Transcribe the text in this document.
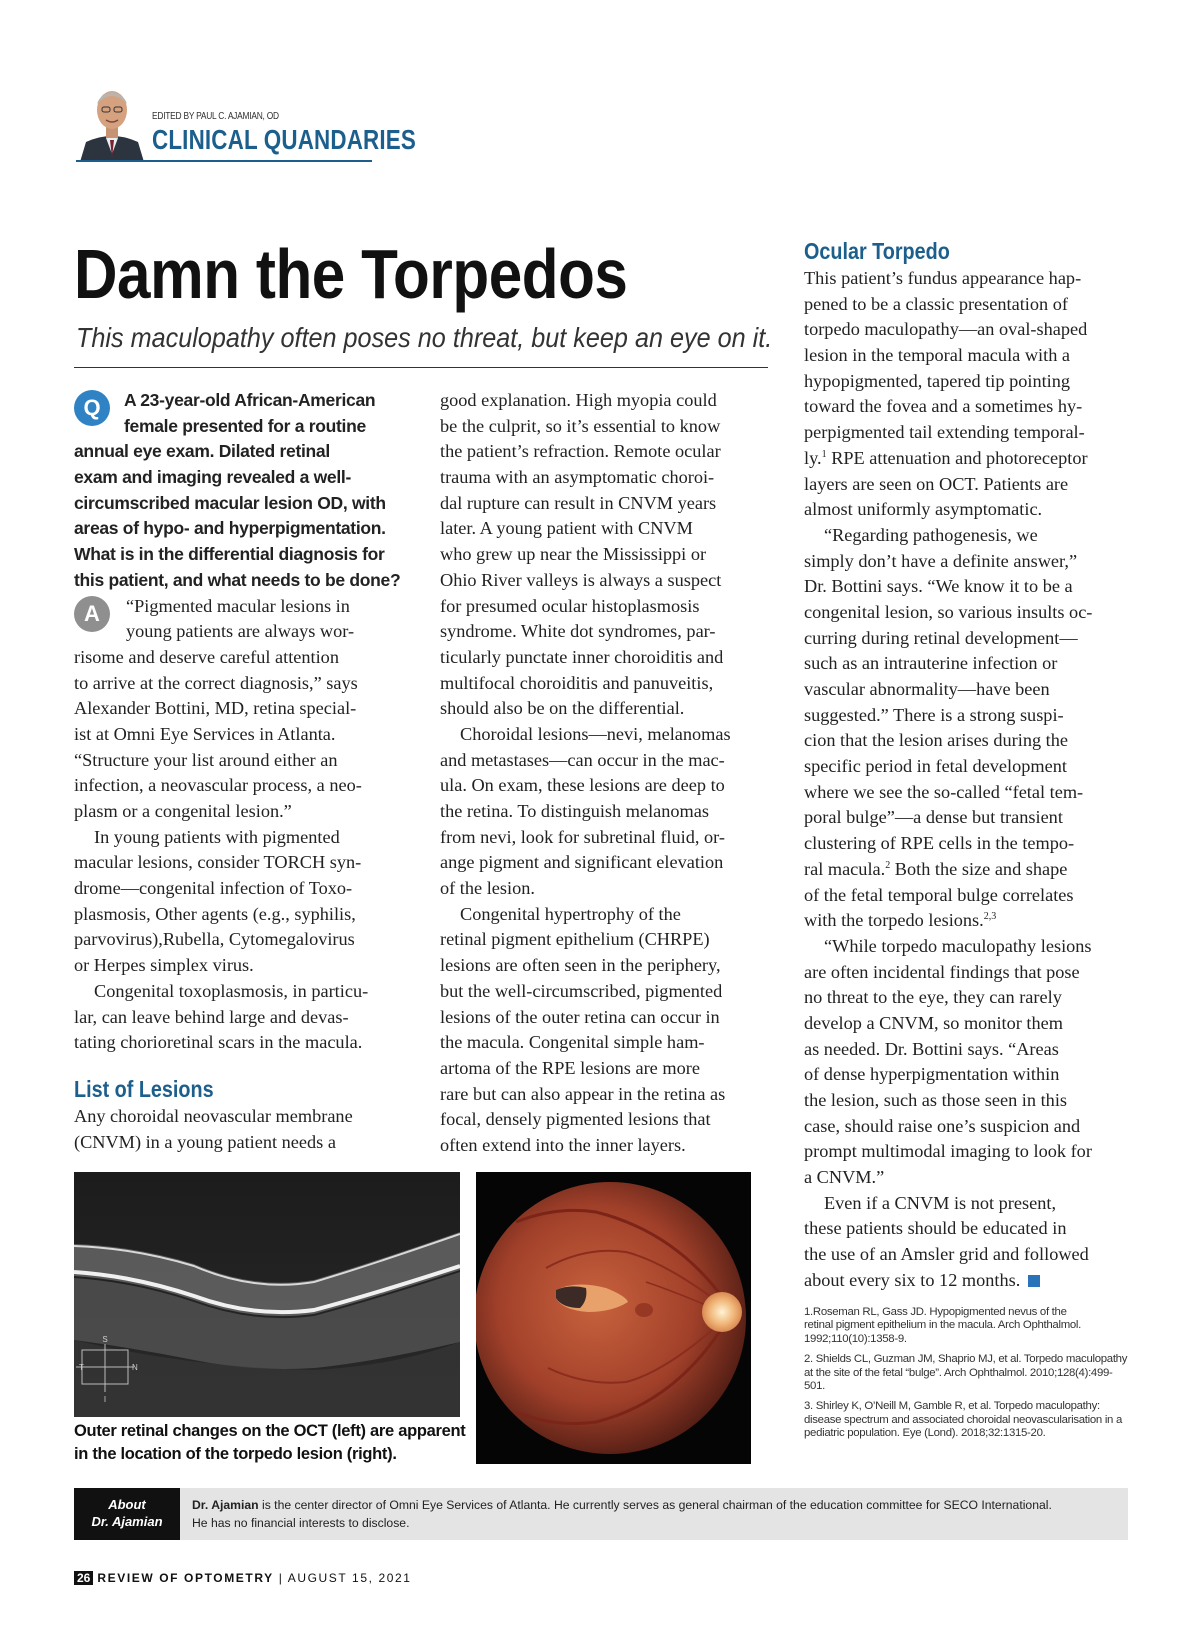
EDITED BY PAUL C. AJAMIAN, OD
CLINICAL QUANDARIES
Damn the Torpedos
This maculopathy often poses no threat, but keep an eye on it.
Q
A
A 23-year-old African-American
female presented for a routine
annual eye exam. Dilated retinal
exam and imaging revealed a well-
circumscribed macular lesion OD, with
areas of hypo- and hyperpigmentation.
What is in the differential diagnosis for
this patient, and what needs to be done?
“Pigmented macular lesions in
young patients are always wor-
risome and deserve careful attention
to arrive at the correct diagnosis,” says
Alexander Bottini, MD, retina special-
ist at Omni Eye Services in Atlanta.
“Structure your list around either an
infection, a neovascular process, a neo-
plasm or a congenital lesion.”
In young patients with pigmented
macular lesions, consider TORCH syn-
drome—congenital infection of Toxo-
plasmosis, Other agents (e.g., syphilis,
parvovirus),Rubella, Cytomegalovirus
or Herpes simplex virus.
Congenital toxoplasmosis, in particu-
lar, can leave behind large and devas-
tating chorioretinal scars in the macula.
List of Lesions
Any choroidal neovascular membrane
(CNVM) in a young patient needs a
good explanation. High myopia could
be the culprit, so it’s essential to know
the patient’s refraction. Remote ocular
trauma with an asymptomatic choroi-
dal rupture can result in CNVM years
later. A young patient with CNVM
who grew up near the Mississippi or
Ohio River valleys is always a suspect
for presumed ocular histoplasmosis
syndrome. White dot syndromes, par-
ticularly punctate inner choroiditis and
multifocal choroiditis and panuveitis,
should also be on the differential.
Choroidal lesions—nevi, melanomas
and metastases—can occur in the mac-
ula. On exam, these lesions are deep to
the retina. To distinguish melanomas
from nevi, look for subretinal fluid, or-
ange pigment and significant elevation
of the lesion.
Congenital hypertrophy of the
retinal pigment epithelium (CHRPE)
lesions are often seen in the periphery,
but the well-circumscribed, pigmented
lesions of the outer retina can occur in
the macula. Congenital simple ham-
artoma of the RPE lesions are more
rare but can also appear in the retina as
focal, densely pigmented lesions that
often extend into the inner layers.
Ocular Torpedo
This patient’s fundus appearance hap-
pened to be a classic presentation of
torpedo maculopathy—an oval-shaped
lesion in the temporal macula with a
hypopigmented, tapered tip pointing
toward the fovea and a sometimes hy-
perpigmented tail extending temporal-
ly.$^1$ RPE attenuation and photoreceptor
layers are seen on OCT. Patients are
almost uniformly asymptomatic.
“Regarding pathogenesis, we
simply don’t have a definite answer,”
Dr. Bottini says. “We know it to be a
congenital lesion, so various insults oc-
curring during retinal development—
such as an intrauterine infection or
vascular abnormality—have been
suggested.” There is a strong suspi-
cion that the lesion arises during the
specific period in fetal development
where we see the so-called “fetal tem-
poral bulge”—a dense but transient
clustering of RPE cells in the tempo-
ral macula.$^2$ Both the size and shape
of the fetal temporal bulge correlates
with the torpedo lesions.$^{2,3}$
“While torpedo maculopathy lesions
are often incidental findings that pose
no threat to the eye, they can rarely
develop a CNVM, so monitor them
as needed. Dr. Bottini says. “Areas
of dense hyperpigmentation within
the lesion, such as those seen in this
case, should raise one’s suspicion and
prompt multimodal imaging to look for
a CNVM.”
Even if a CNVM is not present,
these patients should be educated in
the use of an Amsler grid and followed
about every six to 12 months.
S
T	N
I
Outer retinal changes on the OCT (left) are apparent
in the location of the torpedo lesion (right).
1.Roseman RL, Gass JD. Hypopigmented nevus of the
retinal pigment epithelium in the macula. Arch Ophthalmol.
1992;110(10):1358-9.
2. Shields CL, Guzman JM, Shaprio MJ, et al. Torpedo maculopathy
at the site of the fetal “bulge”. Arch Ophthalmol. 2010;128(4):499-
501.
3. Shirley K, O’Neill M, Gamble R, et al. Torpedo maculopathy:
disease spectrum and associated choroidal neovascularisation in a
pediatric population. Eye (Lond). 2018;32:1315-20.
About
Dr. Ajamian
Dr. Ajamian is the center director of Omni Eye Services of Atlanta. He currently serves as general chairman of the education committee for SECO International.
He has no financial interests to disclose.
26 REVIEW OF OPTOMETRY | AUGUST 15, 2021
